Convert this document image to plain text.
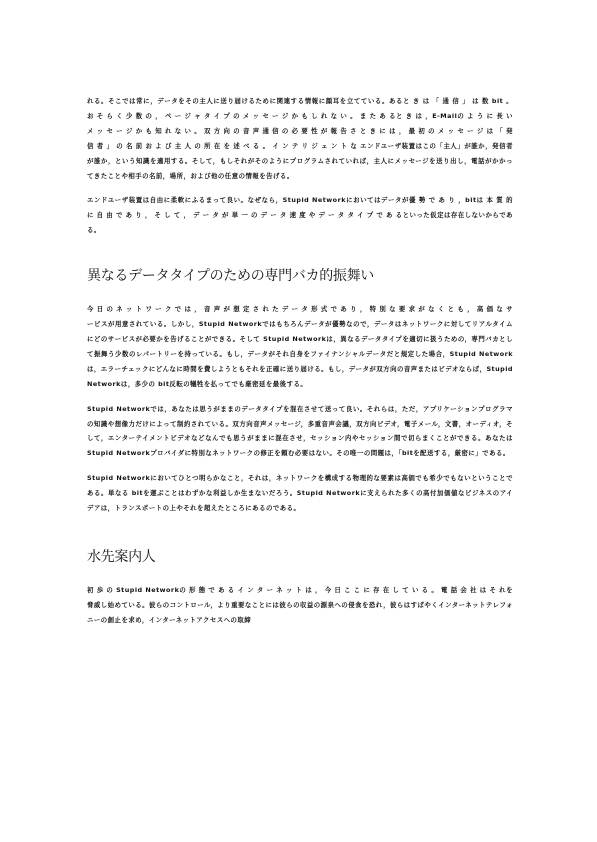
れる。そこでは常に，データをその主人に送り届けるために関連する情報に顔耳を立てている。あると き は 「 通 信 」 は 数 bit 。 お そ ら く 少 数 の ， ペ ー ジ ャ タ イ プ の メ ッ セ ー ジ か も し れ な い 。 ま た あ ると き は ，E-Mailの よ う に 長 い メ ッ セ ー ジ か も 知 れ な い 。 双 方 向 の 音 声 通 信 の 必 要 性 が 報 告 さ と き に は ， 最 初 の メ ッ セ ー ジ は 「 発 信 者 」 の 名 前 お よ び 主 人 の 所 在 を 述 べ る 。 イ ン テ リ ジ ェ ン ト な エンドユーザ装置はこの「主人」が誰か，発信者が誰か，という知識を適用する。そして，もしそれがそのようにプログラムされていれば，主人にメッセージを送り出し，電話がかかってきたことや相手の名前，場所，および他の任意の情報を告げる。

エンドユーザ装置は自由に柔軟にふるまって良い。なぜなら，Stupid Networkにおいてはデータが優 勢 で あ り ，bitは 本 質 的 に 自 由 で あ り ， そ し て ， デ ー タ が 単 一 の デ ー タ 速 度 や デ ー タ タ イ プ で あ るといった仮定は存在しないからである。

異なるデータタイプのための専門バカ的振舞い

今 日 の ネ ッ ト ワ ー ク で は ， 音 声 が 想 定 さ れ た デ ー タ 形 式 で あ り ， 特 別 な 要 求 が な く と も ， 高 価 な サービスが用意されている。しかし，Stupid Networkではもちろんデータが優勢なので，データはネットワークに対してリアルタイムにどのサービスが必要かを告げることができる。そして Stupid Networkは，異なるデータタイプを適切に扱うための，専門バカとして振舞う少数のレパートリーを持っている。もし，データがそれ自身をファイナンシャルデータだと規定した場合，Stupid Networkは，エラーチェックにどんなに時間を費しようともそれを正確に送り届ける。もし，データが双方向の音声またはビデオならば，Stupid Networkは，多少の bit反転の犠牲を払ってでも厳密延を最後する。

Stupid Networkでは，あなたは思うがままのデータタイプを混在させて送って良い。それらは，ただ，アプリケーションプログラマの知識や想像力だけによって制約されている。双方向音声メッセージ，多重音声会議，双方向ビデオ，電子メール，文書，オーディオ，そして，エンターテイメントビデオなどなんでも思うがままに混在させ，セッション内やセッション間で切らまくことができる。あなたは Stupid Networkプロバイダに特別なネットワークの修正を頼む必要はない。その唯一の問題は，「bitを配送する，厳密に」である。

Stupid Networkにおいてひとつ明らかなこと，それは，ネットワークを構成する物理的な要素は高価でも希少でもないということである。単なる bitを運ぶことはわずかな利益しか生まないだろう。Stupid Networkに支えられた多くの高付加価値なビジネスのアイデアは，トランスポートの上やそれを超えたところにあるのである。

水先案内人

初 歩 の Stupid Networkの 形 態 で あ る イ ン タ ー ネ ッ ト は ， 今 日 こ こ に 存 在 し て い る 。 電 話 会 社 は そ れを脅威し始めている。彼らのコントロール，より重要なことには彼らの収益の源泉への侵食を恐れ，彼らはすばやくインターネットテレフォニーの創止を求め，インターネットアクセスへの取締
